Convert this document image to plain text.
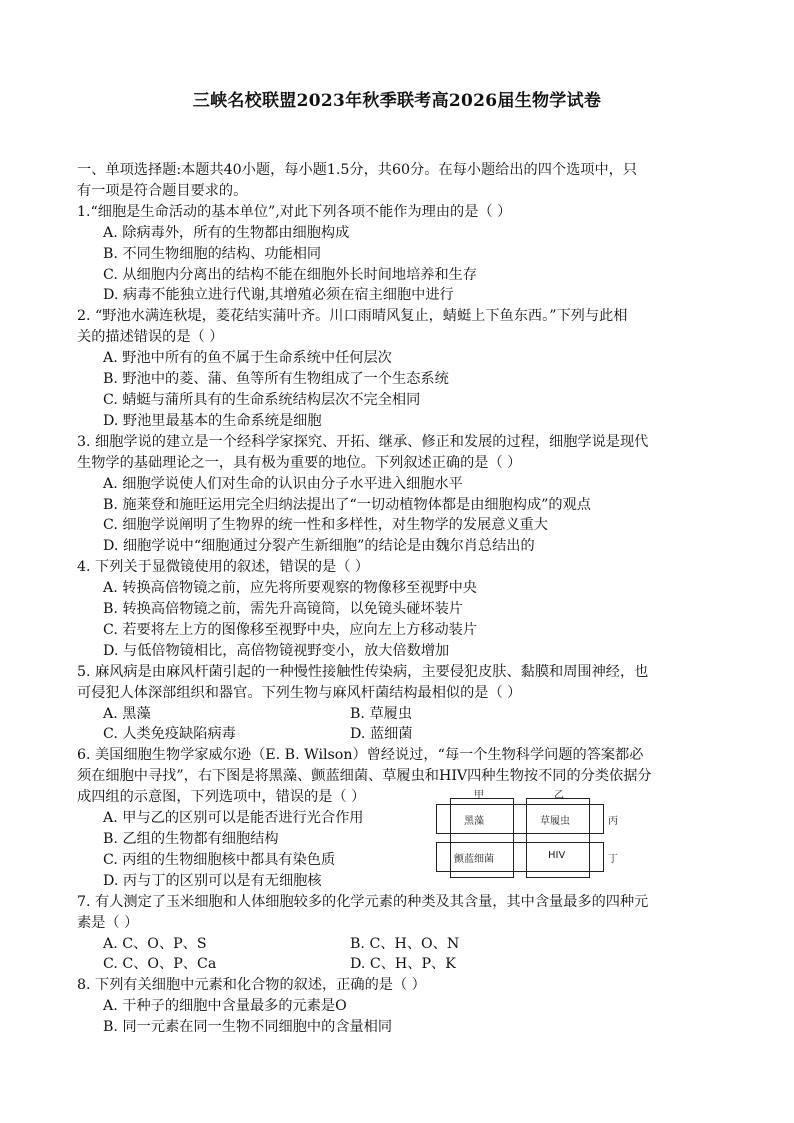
三峡名校联盟2023年秋季联考高2026届生物学试卷

一、单项选择题:本题共40小题，每小题1.5分，共60分。在每小题给出的四个选项中，只

有一项是符合题目要求的。

1.“细胞是生命活动的基本单位”,对此下列各项不能作为理由的是（ ）

A. 除病毒外，所有的生物都由细胞构成

B. 不同生物细胞的结构、功能相同

C. 从细胞内分离出的结构不能在细胞外长时间地培养和生存

D. 病毒不能独立进行代谢,其增殖必须在宿主细胞中进行

2. “野池水满连秋堤，菱花结实蒲叶齐。川口雨晴风复止，蜻蜓上下鱼东西。”下列与此相

关的描述错误的是（ ）

A. 野池中所有的鱼不属于生命系统中任何层次

B. 野池中的菱、蒲、鱼等所有生物组成了一个生态系统

C. 蜻蜓与蒲所具有的生命系统结构层次不完全相同

D. 野池里最基本的生命系统是细胞

3. 细胞学说的建立是一个经科学家探究、开拓、继承、修正和发展的过程，细胞学说是现代

生物学的基础理论之一，具有极为重要的地位。下列叙述正确的是（ ）

A. 细胞学说使人们对生命的认识由分子水平进入细胞水平

B. 施莱登和施旺运用完全归纳法提出了“一切动植物体都是由细胞构成”的观点

C. 细胞学说阐明了生物界的统一性和多样性，对生物学的发展意义重大

D. 细胞学说中“细胞通过分裂产生新细胞”的结论是由魏尔肖总结出的

4. 下列关于显微镜使用的叙述，错误的是（ ）

A. 转换高倍物镜之前，应先将所要观察的物像移至视野中央

B. 转换高倍物镜之前，需先升高镜筒，以免镜头碰坏装片

C. 若要将左上方的图像移至视野中央，应向左上方移动装片

D. 与低倍物镜相比，高倍物镜视野变小，放大倍数增加

5. 麻风病是由麻风杆菌引起的一种慢性接触性传染病，主要侵犯皮肤、黏膜和周围神经，也

可侵犯人体深部组织和器官。下列生物与麻风杆菌结构最相似的是（ ）

A. 黑藻	B. 草履虫
C. 人类免疫缺陷病毒	D. 蓝细菌

6. 美国细胞生物学家威尔逊（E. B. Wilson）曾经说过，“每一个生物科学问题的答案都必

须在细胞中寻找”，右下图是将黑藻、颤蓝细菌、草履虫和HIV四种生物按不同的分类依据分

成四组的示意图，下列选项中，错误的是（ ）

A. 甲与乙的区别可以是能否进行光合作用

B. 乙组的生物都有细胞结构

C. 丙组的生物细胞核中都具有染色质

D. 丙与丁的区别可以是有无细胞核

7. 有人测定了玉米细胞和人体细胞较多的化学元素的种类及其含量，其中含量最多的四种元

素是（ ）

A. C、O、P、S	B. C、H、O、N
C. C、O、P、Ca	D. C、H、P、K

8. 下列有关细胞中元素和化合物的叙述，正确的是（ ）

A. 干种子的细胞中含量最多的元素是O

B. 同一元素在同一生物不同细胞中的含量相同

甲	乙
黑藻	草履虫
颤蓝细菌	HIV
丙
丁
